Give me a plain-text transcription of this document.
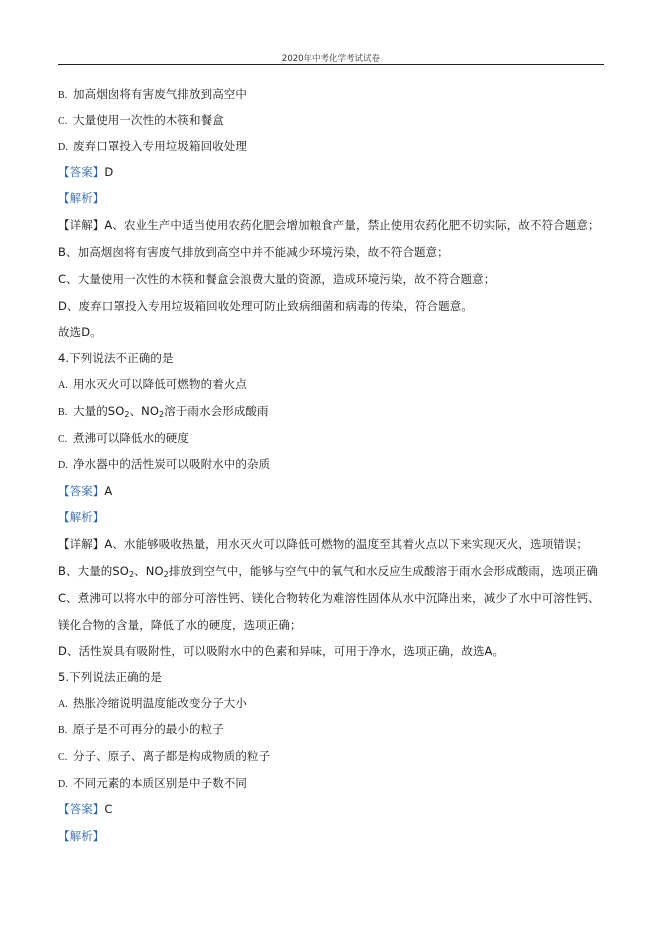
2020年中考化学考试试卷
B. 加高烟囱将有害废气排放到高空中
C. 大量使用一次性的木筷和餐盒
D. 废弃口罩投入专用垃圾箱回收处理
【答案】D
【解析】
【详解】A、农业生产中适当使用农药化肥会增加粮食产量，禁止使用农药化肥不切实际，故不符合题意；
B、加高烟囱将有害废气排放到高空中并不能减少环境污染，故不符合题意；
C、大量使用一次性的木筷和餐盒会浪费大量的资源，造成环境污染，故不符合题意；
D、废弃口罩投入专用垃圾箱回收处理可防止致病细菌和病毒的传染，符合题意。
故选D。
4.下列说法不正确的是
A. 用水灭火可以降低可燃物的着火点
B. 大量的$SO_2$、$NO_2$溶于雨水会形成酸雨
C. 煮沸可以降低水的硬度
D. 净水器中的活性炭可以吸附水中的杂质
【答案】A
【解析】
【详解】A、水能够吸收热量，用水灭火可以降低可燃物的温度至其着火点以下来实现灭火，选项错误；
B、大量的$SO_2$、$NO_2$排放到空气中，能够与空气中的氧气和水反应生成酸溶于雨水会形成酸雨，选项正确
C、煮沸可以将水中的部分可溶性钙、镁化合物转化为难溶性固体从水中沉降出来，减少了水中可溶性钙、
镁化合物的含量，降低了水的硬度，选项正确；
D、活性炭具有吸附性，可以吸附水中的色素和异味，可用于净水，选项正确，故选A。
5.下列说法正确的是
A. 热胀冷缩说明温度能改变分子大小
B. 原子是不可再分的最小的粒子
C. 分子、原子、离子都是构成物质的粒子
D. 不同元素的本质区别是中子数不同
【答案】C
【解析】
